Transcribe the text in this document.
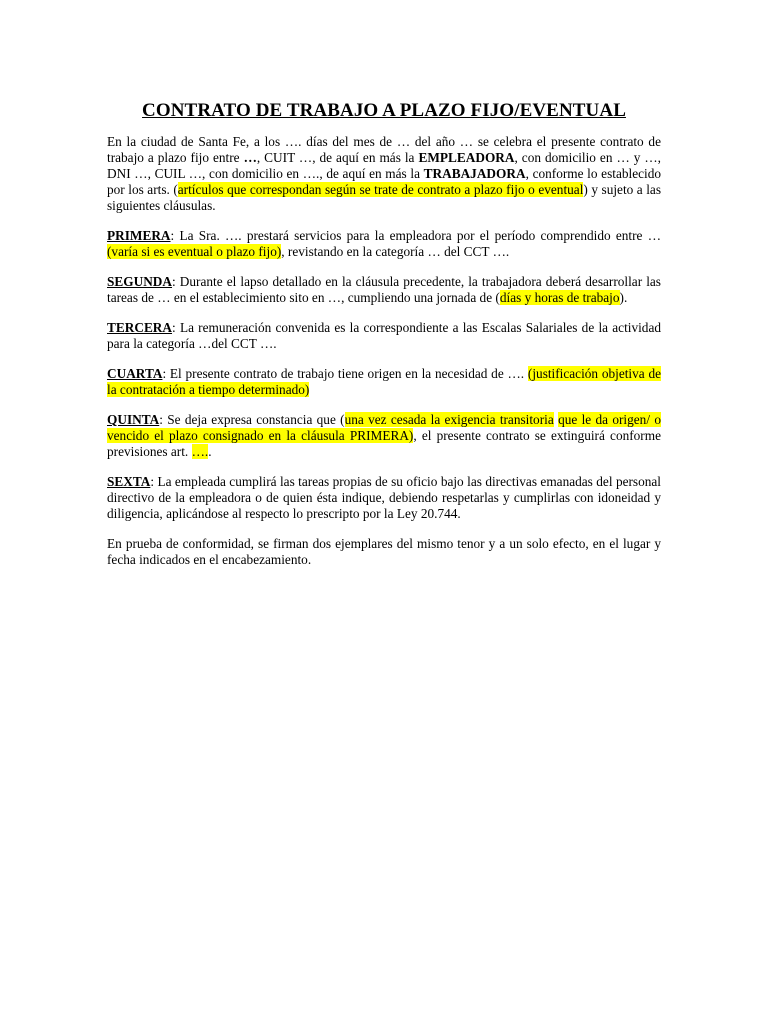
CONTRATO DE TRABAJO A PLAZO FIJO/EVENTUAL

En la ciudad de Santa Fe, a los …. días del mes de … del año … se celebra el presente contrato de trabajo a plazo fijo entre …, CUIT …, de aquí en más la EMPLEADORA, con domicilio en … y …, DNI …, CUIL …, con domicilio en …., de aquí en más la TRABAJADORA, conforme lo establecido por los arts. (artículos que correspondan según se trate de contrato a plazo fijo o eventual) y sujeto a las siguientes cláusulas.

PRIMERA: La Sra. …. prestará servicios para la empleadora por el período comprendido entre … (varía si es eventual o plazo fijo), revistando en la categoría … del CCT ….

SEGUNDA: Durante el lapso detallado en la cláusula precedente, la trabajadora deberá desarrollar las tareas de … en el establecimiento sito en …, cumpliendo una jornada de (días y horas de trabajo).

TERCERA: La remuneración convenida es la correspondiente a las Escalas Salariales de la actividad para la categoría …del CCT ….

CUARTA: El presente contrato de trabajo tiene origen en la necesidad de …. (justificación objetiva de la contratación a tiempo determinado)

QUINTA: Se deja expresa constancia que (una vez cesada la exigencia transitoria que le da origen/ o vencido el plazo consignado en la cláusula PRIMERA), el presente contrato se extinguirá conforme previsiones art. …..

SEXTA: La empleada cumplirá las tareas propias de su oficio bajo las directivas emanadas del personal directivo de la empleadora o de quien ésta indique, debiendo respetarlas y cumplirlas con idoneidad y diligencia, aplicándose al respecto lo prescripto por la Ley 20.744.

En prueba de conformidad, se firman dos ejemplares del mismo tenor y a un solo efecto, en el lugar y fecha indicados en el encabezamiento.
